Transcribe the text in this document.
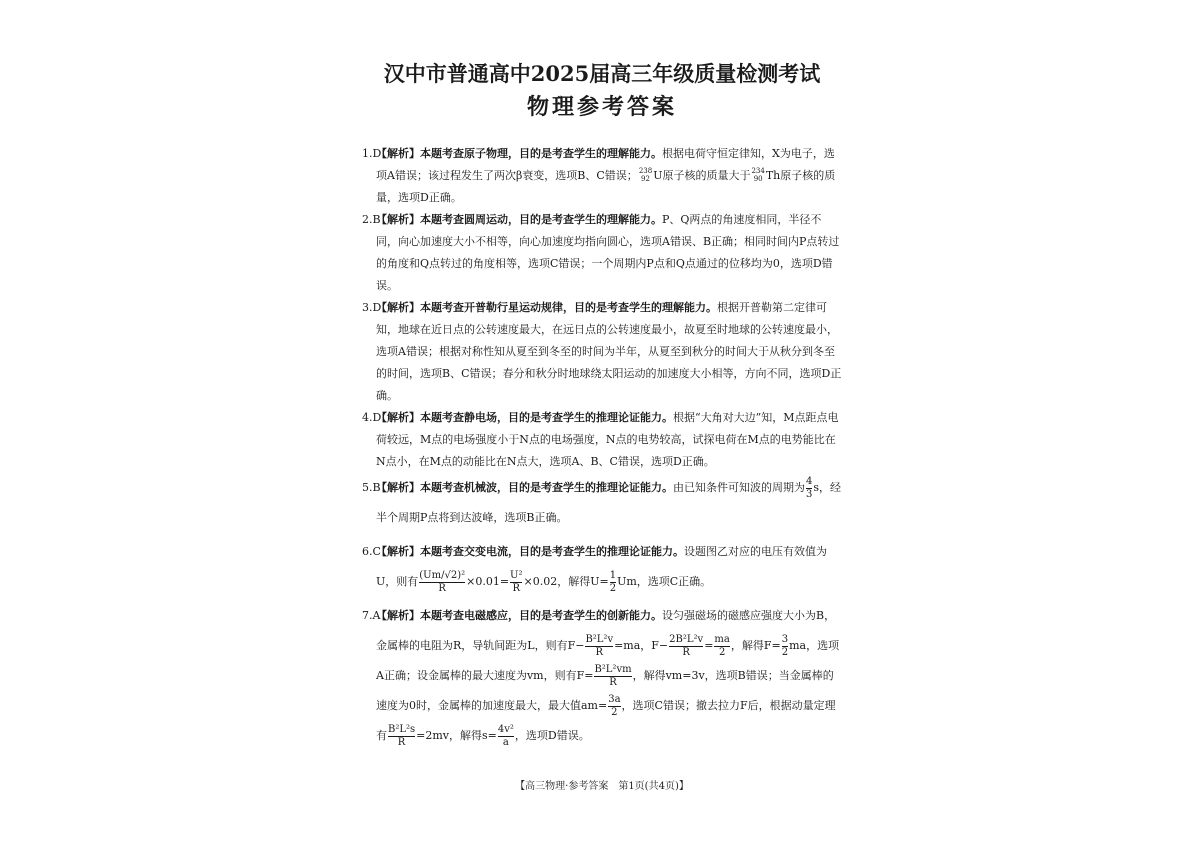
汉中市普通高中2025届高三年级质量检测考试
物理参考答案
1.D
【解析】本题考查原子物理，目的是考查学生的理解能力。根据电荷守恒定律知，X为电子，选项A错误；该过程发生了两次β衰变，选项B、C错误； 238
92 U原子核的质量大于 234
90 Th原子核的质量，选项D正确。
2.B
【解析】本题考查圆周运动，目的是考查学生的理解能力。P、Q两点的角速度相同，半径不同，向心加速度大小不相等，向心加速度均指向圆心，选项A错误、B正确；相同时间内P点转过的角度和Q点转过的角度相等，选项C错误；一个周期内P点和Q点通过的位移均为0，选项D错误。
3.D
【解析】本题考查开普勒行星运动规律，目的是考查学生的理解能力。根据开普勒第二定律可知，地球在近日点的公转速度最大，在远日点的公转速度最小，故夏至时地球的公转速度最小，选项A错误；根据对称性知从夏至到冬至的时间为半年，从夏至到秋分的时间大于从秋分到冬至的时间，选项B、C错误；春分和秋分时地球绕太阳运动的加速度大小相等，方向不同，选项D正确。
4.D
【解析】本题考查静电场，目的是考查学生的推理论证能力。根据“大角对大边”知，M点距点电荷较远，M点的电场强度小于N点的电场强度，N点的电势较高，试探电荷在M点的电势能比在N点小，在M点的动能比在N点大，选项A、B、C错误，选项D正确。
5.B
【解析】本题考查机械波，目的是考查学生的推理论证能力。由已知条件可知波的周期为 $\frac{4}{3}$ s，经半个周期P点将到达波峰，选项B正确。
6.C
【解析】本题考查交变电流，目的是考查学生的推理论证能力。设题图乙对应的电压有效值为U，则有 $\frac{\text{(Um/√2)²}}{R} \times 0.01= \frac{\text{U²}}{R} \times 0.02$，解得$U= \frac{1}{2}$ Um，选项C正确。
7.A
【解析】本题考查电磁感应，目的是考查学生的创新能力。设匀强磁场的磁感应强度大小为B，金属棒的电阻为R，导轨间距为L，则有$F- \frac{\text{B²L²v}}{R} =ma$，$F- \frac{\text{2B²L²v}}{R} = \frac{ma}{2}$ ，解得$F= \frac{3}{2}$ ma，选项A正确；设金属棒的最大速度为vm，则有$F= \frac{\text{B²L²vm}}{R}$ ，解得vm=3v，选项B错误；当金属棒的速度为0时，金属棒的加速度最大，最大值$am= \frac{3a}{2}$ ，选项C错误；撤去拉力F后，根据动量定理有 $\frac{\text{B²L²s}}{R} =2mv$，解得$s= \frac{\text{4v²}}{a}$ ，选项D错误。
【高三物理·参考答案　第1页(共4页)】
